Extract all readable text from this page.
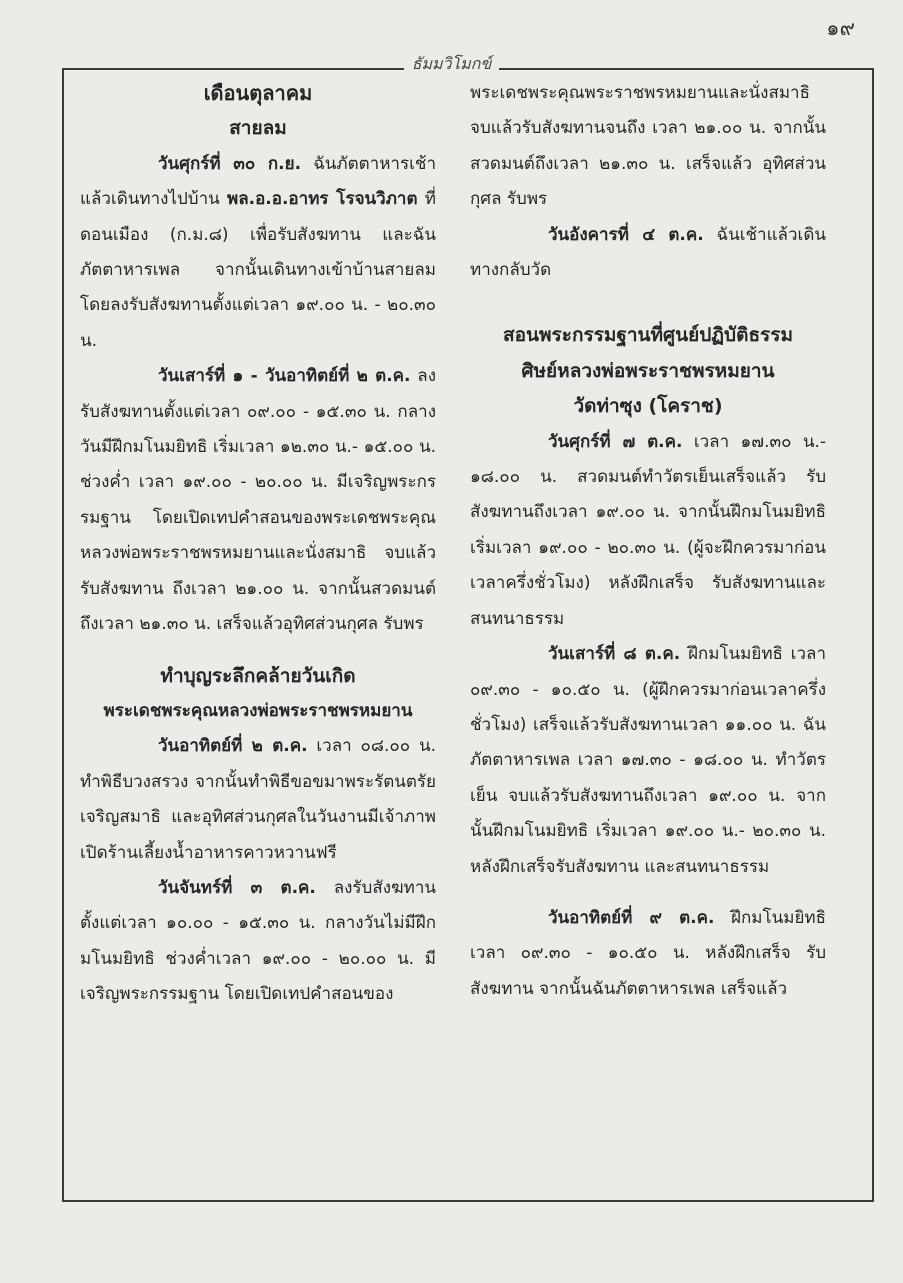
๑๙
ธัมมวิโมกข์

เดือนตุลาคม

สายลม

วันศุกร์ที่ ๓๐ ก.ย. ฉันภัตตาหารเช้าแล้วเดินทางไปบ้าน พล.อ.อ.อาทร โรจนวิภาต ที่ดอนเมือง (ก.ม.๘) เพื่อรับสังฆทาน และฉันภัตตาหารเพล จากนั้นเดินทางเข้าบ้านสายลม โดยลงรับสังฆทานตั้งแต่เวลา ๑๙.๐๐ น. - ๒๐.๓๐ น.

วันเสาร์ที่ ๑ - วันอาทิตย์ที่ ๒ ต.ค. ลงรับสังฆทานตั้งแต่เวลา ๐๙.๐๐ - ๑๕.๓๐ น. กลางวันมีฝึกมโนมยิทธิ เริ่มเวลา ๑๒.๓๐ น.- ๑๕.๐๐ น. ช่วงค่ำ เวลา ๑๙.๐๐ - ๒๐.๐๐ น. มีเจริญพระกรรมฐาน โดยเปิดเทปคำสอนของพระเดชพระคุณหลวงพ่อพระราชพรหมยานและนั่งสมาธิ จบแล้วรับสังฆทาน ถึงเวลา ๒๑.๐๐ น. จากนั้นสวดมนต์ ถึงเวลา ๒๑.๓๐ น. เสร็จแล้วอุทิศส่วนกุศล รับพร

ทำบุญระลึกคล้ายวันเกิด

พระเดชพระคุณหลวงพ่อพระราชพรหมยาน

วันอาทิตย์ที่ ๒ ต.ค. เวลา ๐๘.๐๐ น. ทำพิธีบวงสรวง จากนั้นทำพิธีขอขมาพระรัตนตรัย เจริญสมาธิ และอุทิศส่วนกุศลในวันงานมีเจ้าภาพเปิดร้านเลี้ยงน้ำอาหารคาวหวานฟรี

วันจันทร์ที่ ๓ ต.ค. ลงรับสังฆทานตั้งแต่เวลา ๑๐.๐๐ - ๑๕.๓๐ น. กลางวันไม่มีฝึกมโนมยิทธิ ช่วงค่ำเวลา ๑๙.๐๐ - ๒๐.๐๐ น. มีเจริญพระกรรมฐาน โดยเปิดเทปคำสอนของ

พระเดชพระคุณพระราชพรหมยานและนั่งสมาธิ จบแล้วรับสังฆทานจนถึง เวลา ๒๑.๐๐ น. จากนั้นสวดมนต์ถึงเวลา ๒๑.๓๐ น. เสร็จแล้ว อุทิศส่วนกุศล รับพร

วันอังคารที่ ๔ ต.ค. ฉันเช้าแล้วเดินทางกลับวัด

สอนพระกรรมฐานที่ศูนย์ปฏิบัติธรรม

ศิษย์หลวงพ่อพระราชพรหมยาน

วัดท่าซุง (โคราช)

วันศุกร์ที่ ๗ ต.ค. เวลา ๑๗.๓๐ น.- ๑๘.๐๐ น. สวดมนต์ทำวัตรเย็นเสร็จแล้ว รับสังฆทานถึงเวลา ๑๙.๐๐ น. จากนั้นฝึกมโนมยิทธิ เริ่มเวลา ๑๙.๐๐ - ๒๐.๓๐ น. (ผู้จะฝึกควรมาก่อนเวลาครึ่งชั่วโมง) หลังฝึกเสร็จ รับสังฆทานและสนทนาธรรม

วันเสาร์ที่ ๘ ต.ค. ฝึกมโนมยิทธิ เวลา ๐๙.๓๐ - ๑๐.๕๐ น. (ผู้ฝึกควรมาก่อนเวลาครึ่งชั่วโมง) เสร็จแล้วรับสังฆทานเวลา ๑๑.๐๐ น. ฉันภัตตาหารเพล เวลา ๑๗.๓๐ - ๑๘.๐๐ น. ทำวัตรเย็น จบแล้วรับสังฆทานถึงเวลา ๑๙.๐๐ น. จากนั้นฝึกมโนมยิทธิ เริ่มเวลา ๑๙.๐๐ น.- ๒๐.๓๐ น. หลังฝึกเสร็จรับสังฆทาน และสนทนาธรรม

วันอาทิตย์ที่ ๙ ต.ค. ฝึกมโนมยิทธิ เวลา ๐๙.๓๐ - ๑๐.๕๐ น. หลังฝึกเสร็จ รับสังฆทาน จากนั้นฉันภัตตาหารเพล เสร็จแล้ว
